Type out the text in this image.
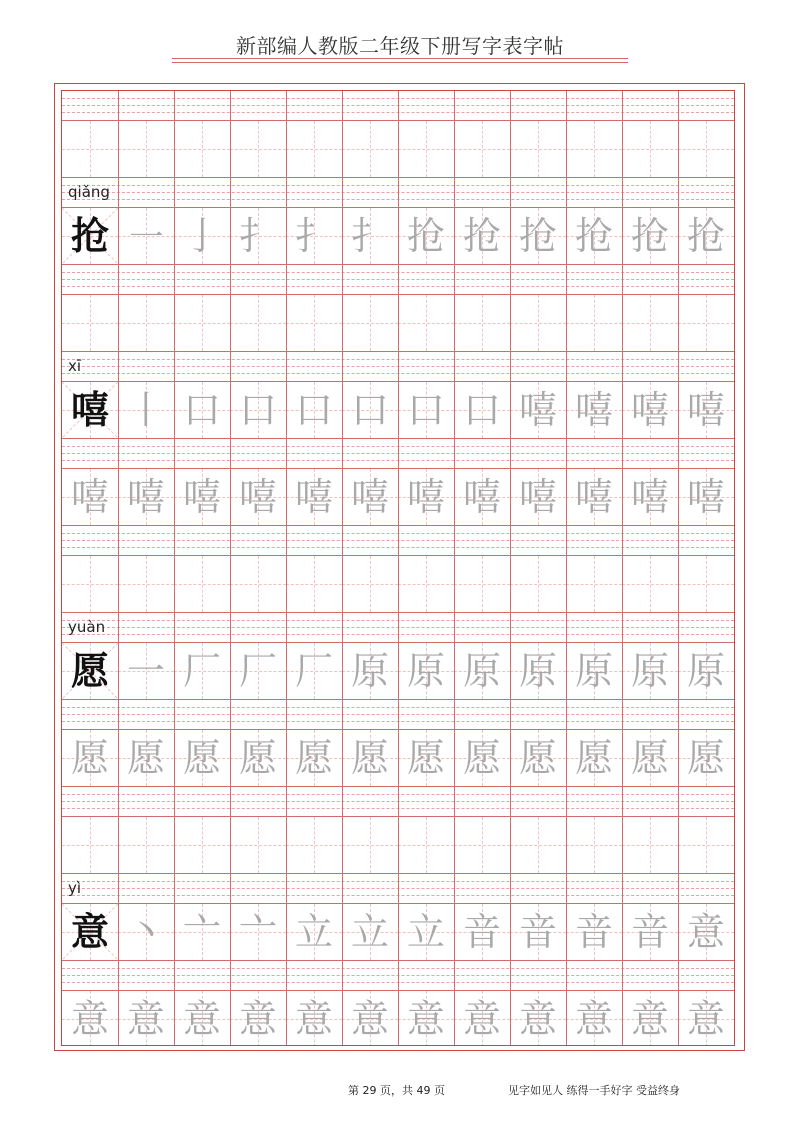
新部编人教版二年级下册写字表字帖
qiǎng
抢 ㇐ 亅 扌 扌 扌 抢 抢 抢 抢 抢 抢
xī
嘻 丨 口 口 口 口 口 口 嘻 嘻 嘻 嘻
嘻 嘻 嘻 嘻 嘻 嘻 嘻 嘻 嘻 嘻 嘻 嘻
yuàn
愿 一 厂 厂 厂 原 原 原 原 原 原 原
愿 愿 愿 愿 愿 愿 愿 愿 愿 愿 愿 愿
yì
意 丶 亠 亠 立 立 立 音 音 音 音 意
意 意 意 意 意 意 意 意 意 意 意 意
第 29 页，共 49 页	见字如见人 练得一手好字 受益终身
